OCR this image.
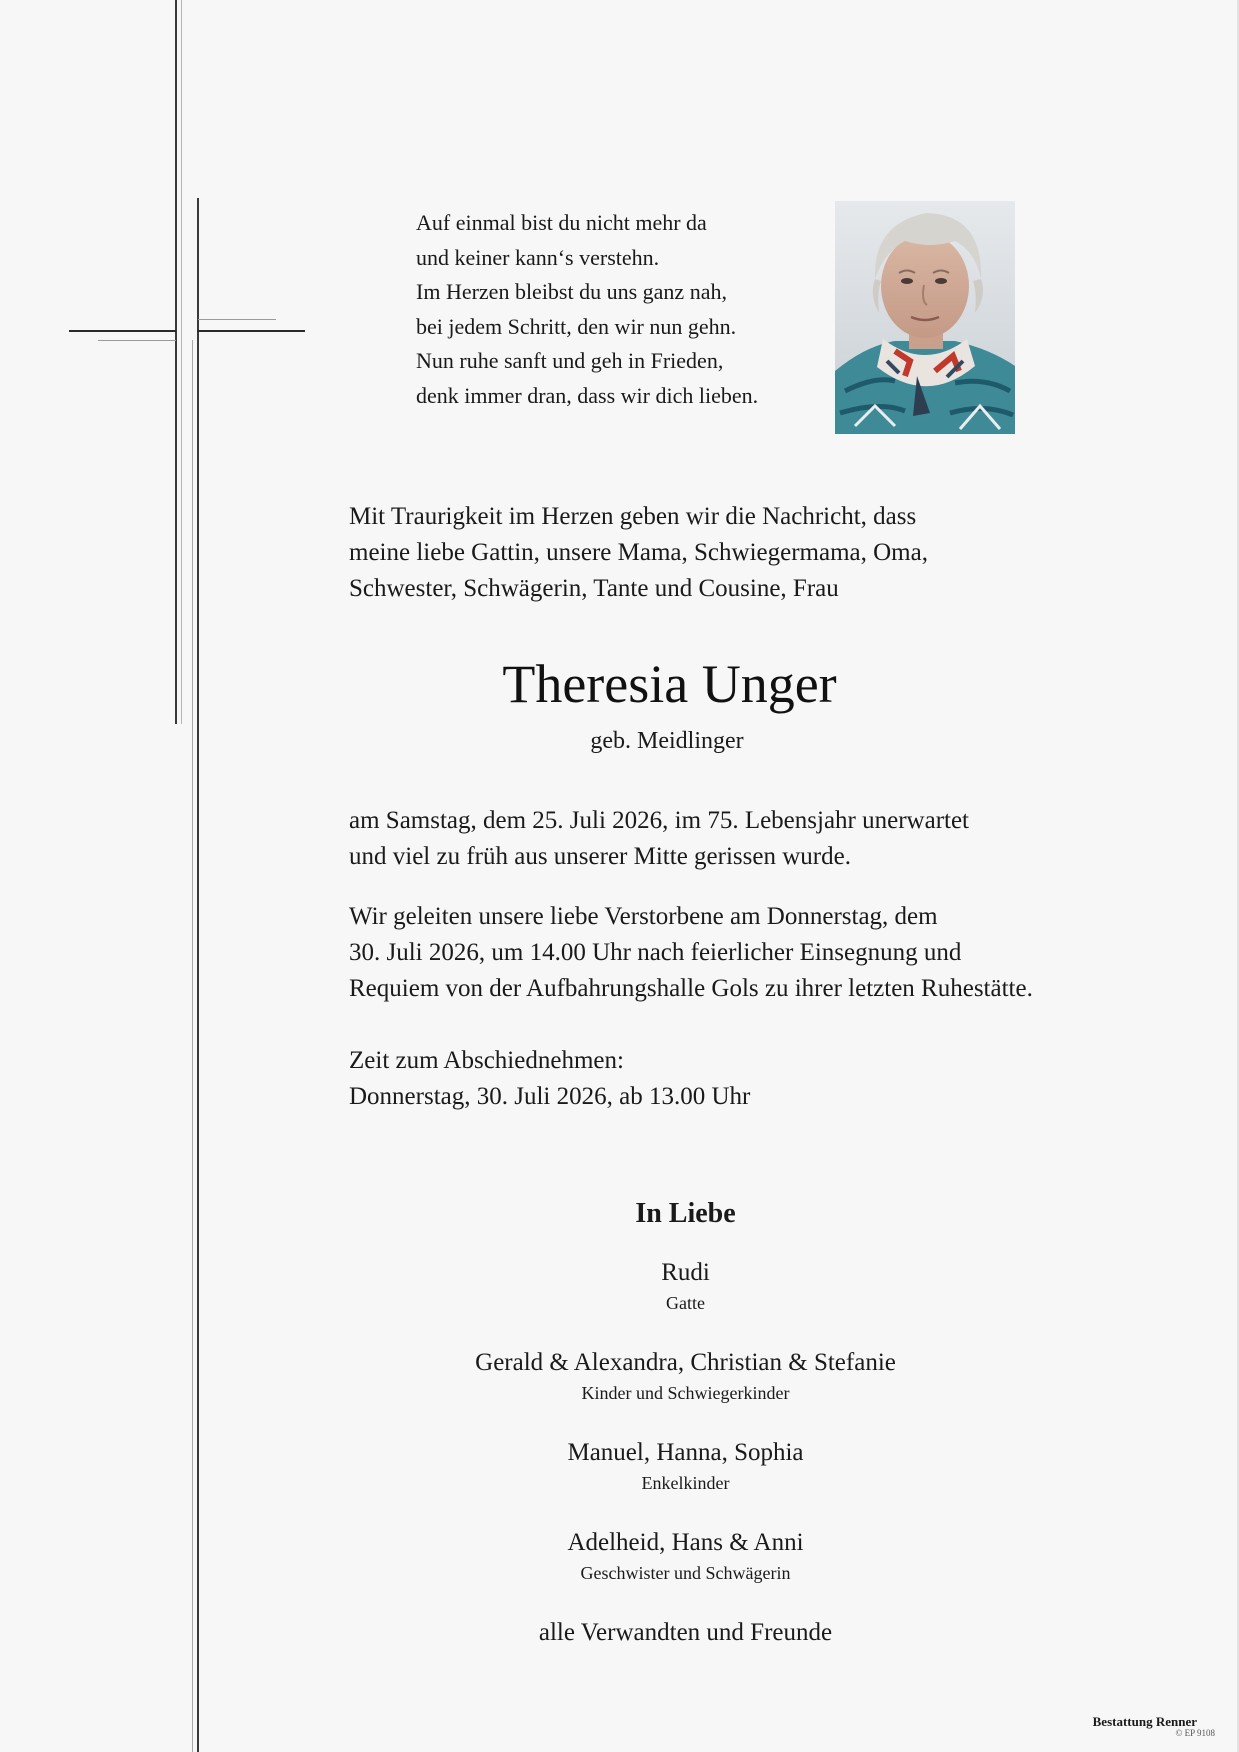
Auf einmal bist du nicht mehr da
und keiner kann‘s verstehn.
Im Herzen bleibst du uns ganz nah,
bei jedem Schritt, den wir nun gehn.
Nun ruhe sanft und geh in Frieden,
denk immer dran, dass wir dich lieben.
Mit Traurigkeit im Herzen geben wir die Nachricht, dass
meine liebe Gattin, unsere Mama, Schwiegermama, Oma,
Schwester, Schwägerin, Tante und Cousine, Frau
Theresia Unger
geb. Meidlinger
am Samstag, dem 25. Juli 2026, im 75. Lebensjahr unerwartet
und viel zu früh aus unserer Mitte gerissen wurde.
Wir geleiten unsere liebe Verstorbene am Donnerstag, dem
30. Juli 2026, um 14.00 Uhr nach feierlicher Einsegnung und
Requiem von der Aufbahrungshalle Gols zu ihrer letzten Ruhestätte.
Zeit zum Abschiednehmen:
Donnerstag, 30. Juli 2026, ab 13.00 Uhr
In Liebe
Rudi
Gatte
Gerald & Alexandra, Christian & Stefanie
Kinder und Schwiegerkinder
Manuel, Hanna, Sophia
Enkelkinder
Adelheid, Hans & Anni
Geschwister und Schwägerin
alle Verwandten und Freunde
Bestattung Renner
© EP 9108
